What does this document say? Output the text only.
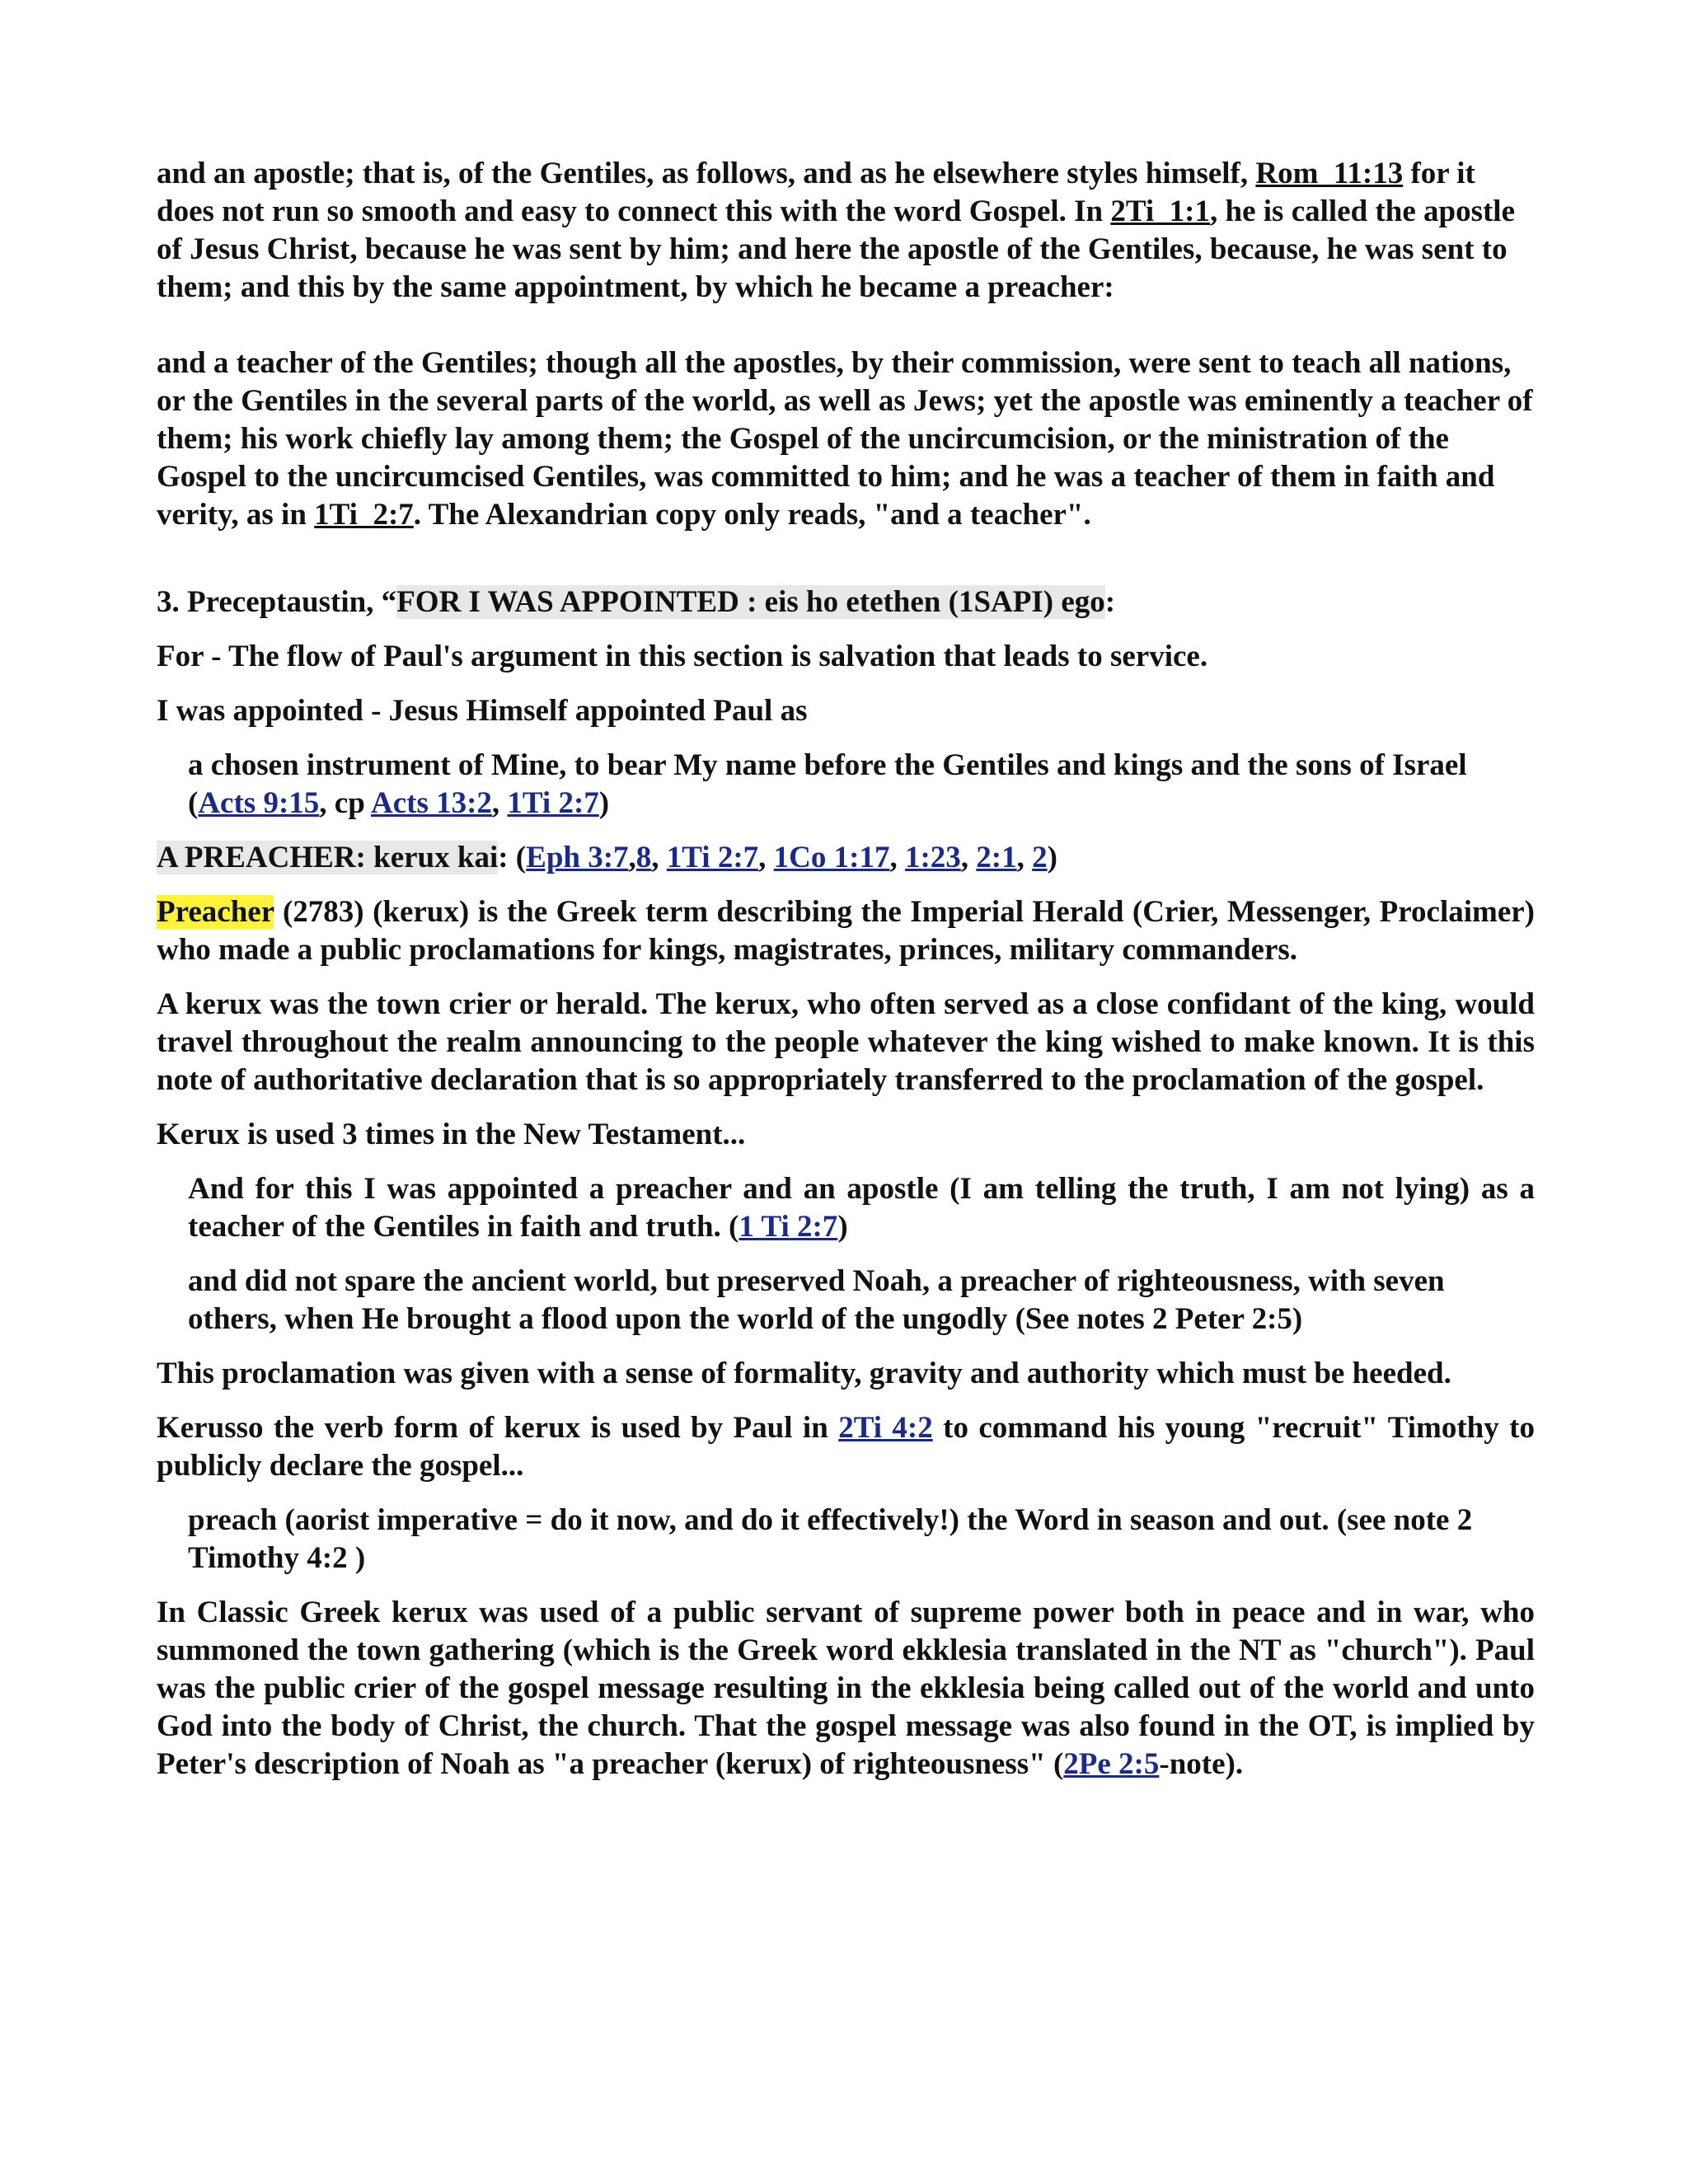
and an apostle; that is, of the Gentiles, as follows, and as he elsewhere styles himself, Rom_11:13 for it does not run so smooth and easy to connect this with the word Gospel. In 2Ti_1:1, he is called the apostle of Jesus Christ, because he was sent by him; and here the apostle of the Gentiles, because, he was sent to them; and this by the same appointment, by which he became a preacher:

and a teacher of the Gentiles; though all the apostles, by their commission, were sent to teach all nations, or the Gentiles in the several parts of the world, as well as Jews; yet the apostle was eminently a teacher of them; his work chiefly lay among them; the Gospel of the uncircumcision, or the ministration of the Gospel to the uncircumcised Gentiles, was committed to him; and he was a teacher of them in faith and verity, as in 1Ti_2:7. The Alexandrian copy only reads, "and a teacher".

3. Preceptaustin, “FOR I WAS APPOINTED : eis ho etethen (1SAPI) ego:

For - The flow of Paul's argument in this section is salvation that leads to service.

I was appointed - Jesus Himself appointed Paul as

a chosen instrument of Mine, to bear My name before the Gentiles and kings and the sons of Israel (Acts 9:15, cp Acts 13:2, 1Ti 2:7)

A PREACHER: kerux kai: (Eph 3:7,8, 1Ti 2:7, 1Co 1:17, 1:23, 2:1, 2)

Preacher (2783) (kerux) is the Greek term describing the Imperial Herald (Crier, Messenger, Proclaimer) who made a public proclamations for kings, magistrates, princes, military commanders.

A kerux was the town crier or herald. The kerux, who often served as a close confidant of the king, would travel throughout the realm announcing to the people whatever the king wished to make known. It is this note of authoritative declaration that is so appropriately transferred to the proclamation of the gospel.

Kerux is used 3 times in the New Testament...

And for this I was appointed a preacher and an apostle (I am telling the truth, I am not lying) as a teacher of the Gentiles in faith and truth. (1 Ti 2:7)

and did not spare the ancient world, but preserved Noah, a preacher of righteousness, with seven others, when He brought a flood upon the world of the ungodly (See notes 2 Peter 2:5)

This proclamation was given with a sense of formality, gravity and authority which must be heeded.

Kerusso the verb form of kerux is used by Paul in 2Ti 4:2 to command his young "recruit" Timothy to publicly declare the gospel...

preach (aorist imperative = do it now, and do it effectively!) the Word in season and out. (see note 2 Timothy 4:2 )

In Classic Greek kerux was used of a public servant of supreme power both in peace and in war, who summoned the town gathering (which is the Greek word ekklesia translated in the NT as "church"). Paul was the public crier of the gospel message resulting in the ekklesia being called out of the world and unto God into the body of Christ, the church. That the gospel message was also found in the OT, is implied by Peter's description of Noah as "a preacher (kerux) of righteousness" (2Pe 2:5-note).
